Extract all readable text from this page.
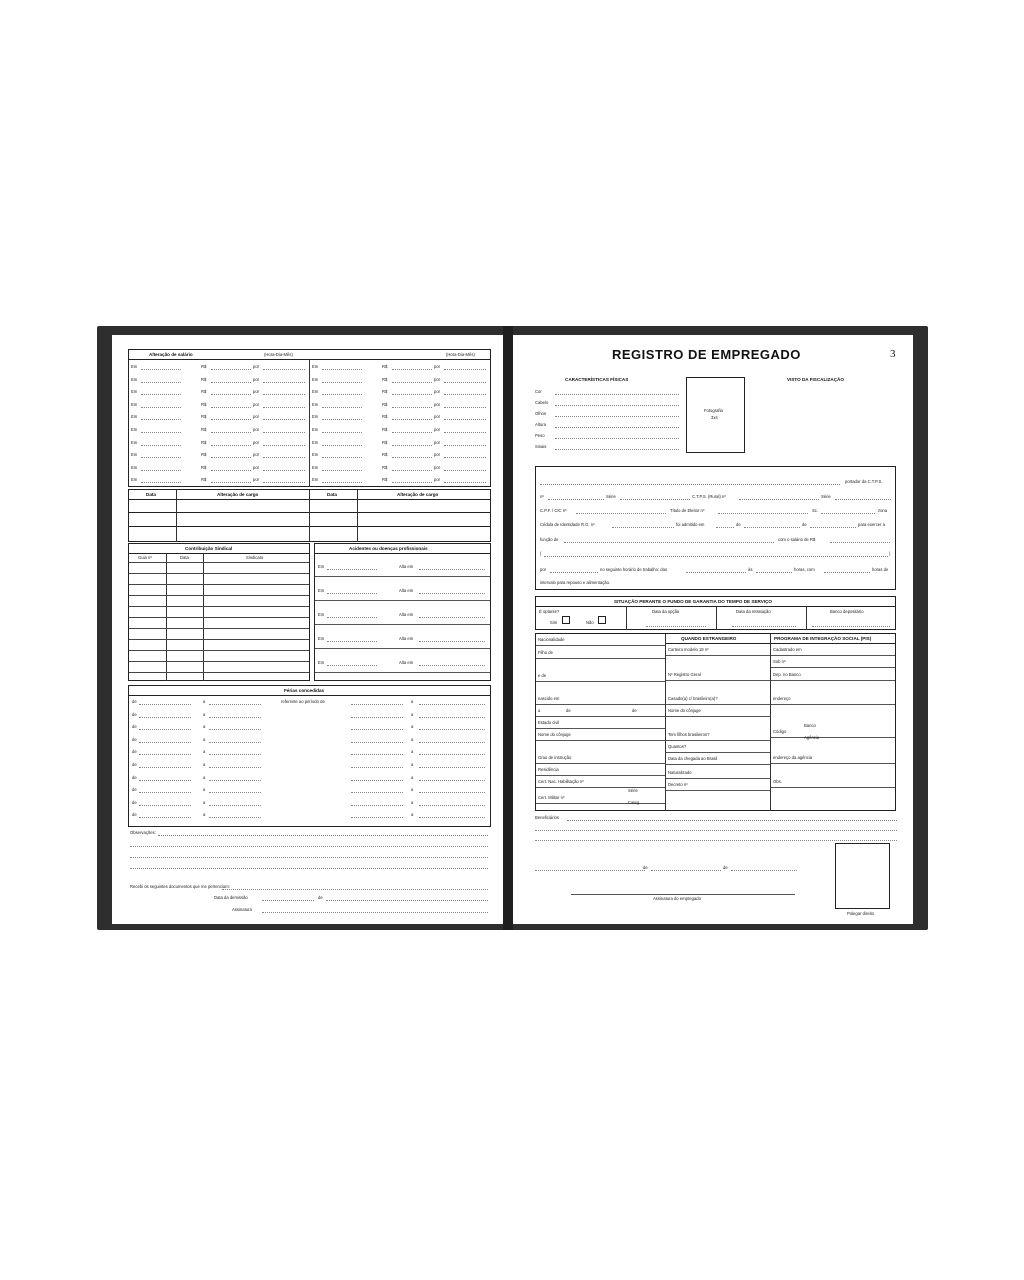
Alteração de salário	(Hora-Dia-Mês)	(Hora-Dia-Mês)
Em	R$	por	Em	R$	por
Em	R$	por	Em	R$	por
Em	R$	por	Em	R$	por
Em	R$	por	Em	R$	por
Em	R$	por	Em	R$	por
Em	R$	por	Em	R$	por
Em	R$	por	Em	R$	por
Em	R$	por	Em	R$	por
Em	R$	por	Em	R$	por
Em	R$	por	Em	R$	por
Data	Alteração de cargo	Data	Alteração de cargo
Contribuição Sindical
Guia nº	Data	Sindicato
Acidentes ou doenças profissionais
Em	Alta em
Em	Alta em
Em	Alta em
Em	Alta em
Em	Alta em
Férias concedidas
de	a	referente ao período de	a
de	a	a
de	a	a
de	a	a
de	a	a
de	a	a
de	a	a
de	a	a
de	a	a
de	a	a
Observações:
Recebi os seguintes documentos que me pertenciam:
Data da demissão	de
Assinatura
REGISTRO DE EMPREGADO	3
CARACTERÍSTICAS FÍSICAS
Fotografia
3x4
VISTO DA FISCALIZAÇÃO
portador da C.T.P.S.
nº	Série	C.T.P.S. (Rural) nº	Série
C.P.F. / CIC nº	Título de Eleitor nº	Sc.	zona
Cédula de Identidade R.G. nº	foi admitido em	de	de	para exercer a
função de	com o salário de R$
(	)
por	no seguinte horário de trabalho: das	às	horas, com	horas de
intervalo para repouso e alimentação.
SITUAÇÃO PERANTE O FUNDO DE GARANTIA DO TEMPO DE SERVIÇO
É optante?
Sim	Não
Data da opção	Data da retratação	Banco depositário
QUANDO ESTRANGEIRO	PROGRAMA DE INTEGRAÇÃO SOCIAL (PIS)
Nacionalidade
Filho de
e de
nascido em
a
Estado civil
Nome do cônjuge
Grau de instrução
Residência
Cert. Nac. Habilitação nº
Cert. Militar nº
de	de
Série
Categ.
Carteira modelo 19 nº
Nº Registro Geral
Casado(a) c/ brasileiro(a)?
Nome do cônjuge
Tem filhos brasileiros?
Quantos?
Data da chegada ao Brasil
Naturalizado
Decreto nº
Cadastrado em
Sob nº
Dep. no Banco
endereço
Código
endereço da agência
Obs.
Banco
Agência
Beneficiários
de	de
Assinatura do empregado
Polegar direito
Cor
Cabelo
Olhos
Altura
Peso
Sinais
